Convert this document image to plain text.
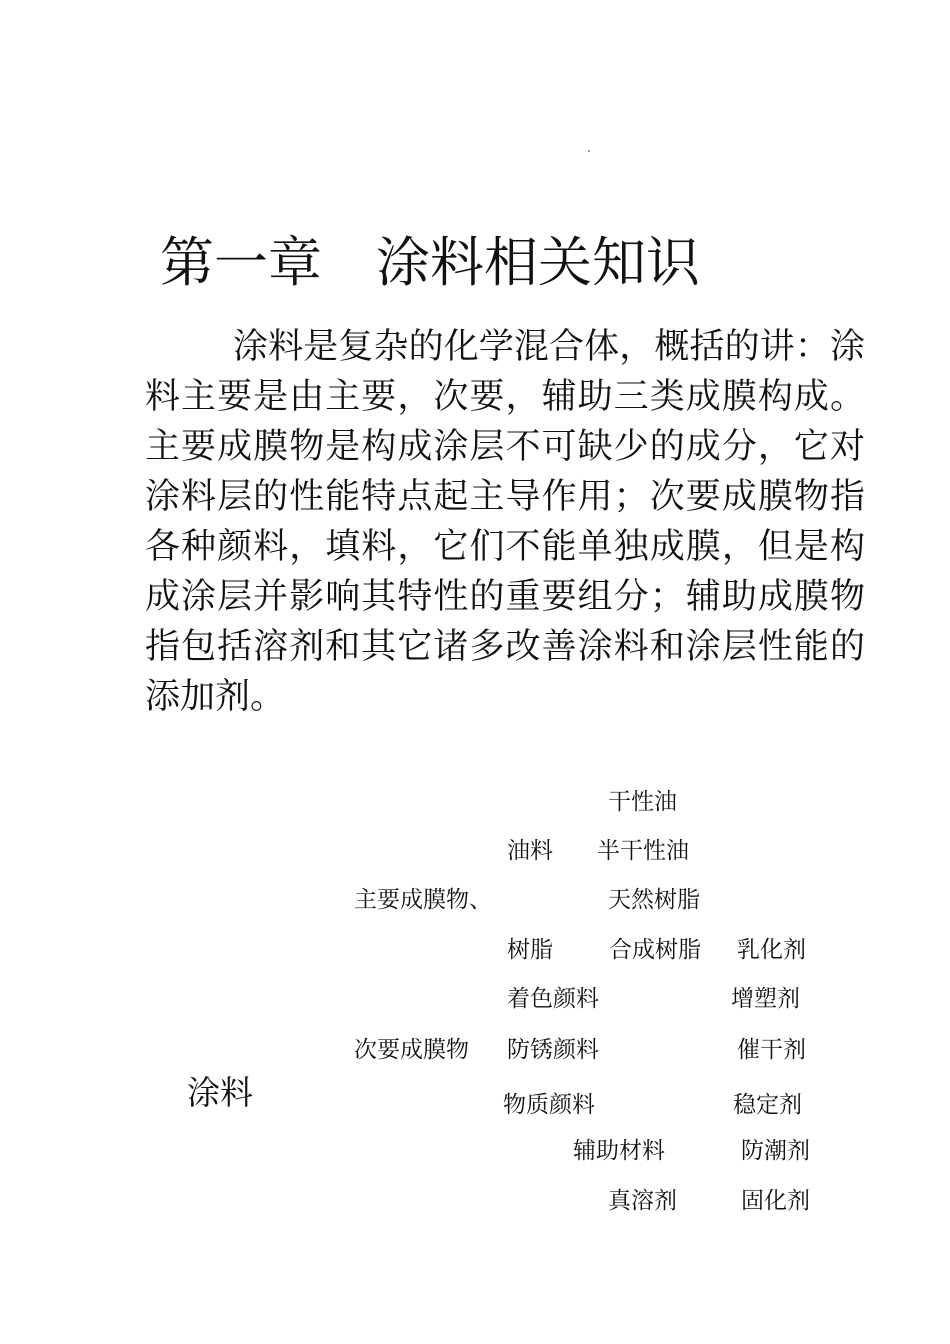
第一章 涂料相关知识

涂料是复杂的化学混合体，概括的讲：涂料主要是由主要，次要，辅助三类成膜构成。主要成膜物是构成涂层不可缺少的成分，它对涂料层的性能特点起主导作用；次要成膜物指各种颜料，填料，它们不能单独成膜，但是构成涂层并影响其特性的重要组分；辅助成膜物指包括溶剂和其它诸多改善涂料和涂层性能的添加剂。

涂料
主要成膜物、
油料
干性油
半干性油
树脂
天然树脂
合成树脂
次要成膜物
着色颜料
防锈颜料
物质颜料
辅助材料
真溶剂
乳化剂
增塑剂
催干剂
稳定剂
防潮剂
固化剂
